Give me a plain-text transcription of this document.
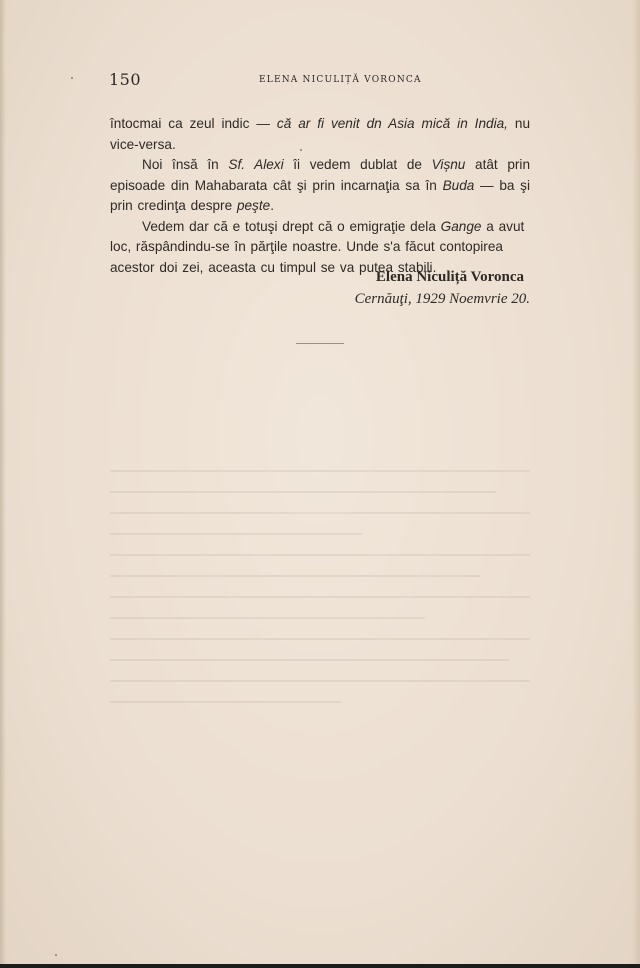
150	ELENA NICULIȚĂ VORONCA

întocmai ca zeul indic — că ar fi venit dn Asia mică in India, nu vice-versa.

Noi însă în Sf. Alexi îi vedem dublat de Vișnu atât prin episoade din Mahabarata cât şi prin incarnaţia sa în Buda — ba şi prin credinţa despre peşte.

Vedem dar că e totuşi drept că o emigraţie dela Gange a avut loc, răspândindu-se în părţile noastre. Unde s'a făcut contopirea acestor doi zei, aceasta cu timpul se va putea stabili.

Elena Niculiță Voronca
Cernăuţi, 1929 Noemvrie 20.
